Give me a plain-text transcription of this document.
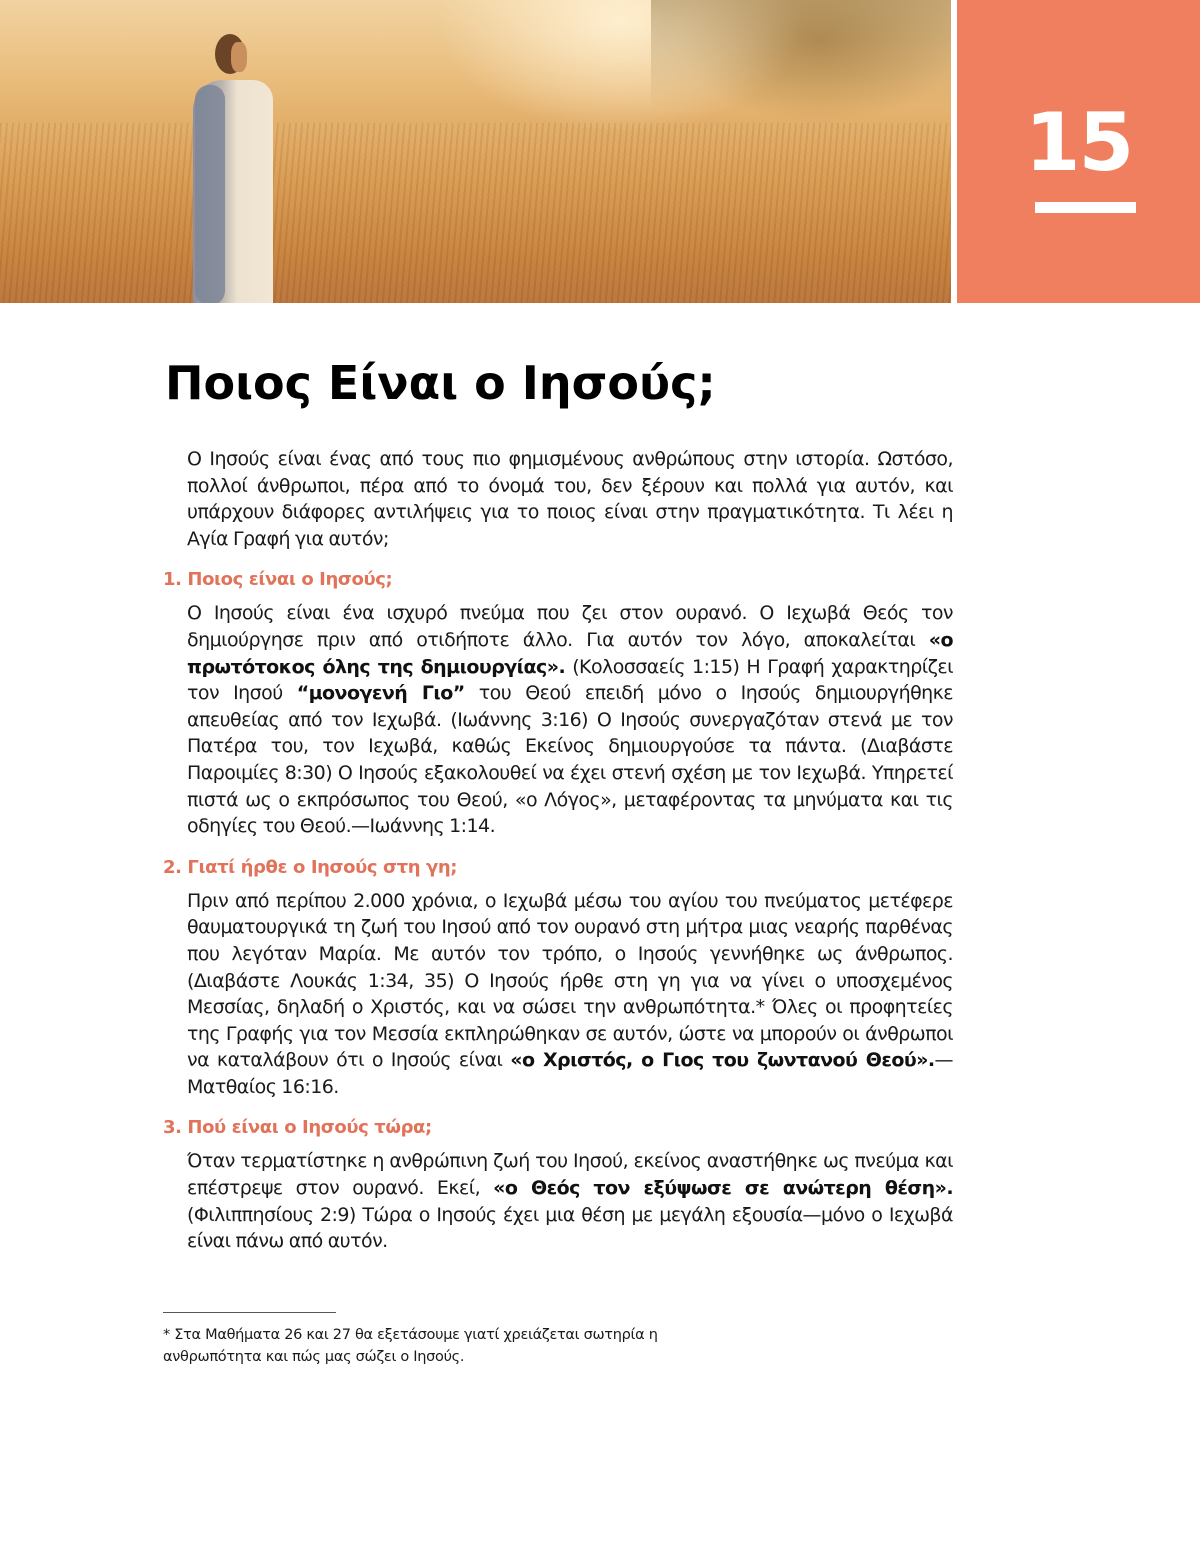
15
Ποιος Είναι ο Ιησούς;

Ο Ιησούς είναι ένας από τους πιο φημισμένους ανθρώπους στην ιστορία. Ωστόσο, πολλοί άνθρωποι, πέρα από το όνομά του, δεν ξέρουν και πολλά για αυτόν, και υπάρχουν διάφορες αντιλήψεις για το ποιος είναι στην πραγματικότητα. Τι λέει η Αγία Γραφή για αυτόν;

1. Ποιος είναι ο Ιησούς;

Ο Ιησούς είναι ένα ισχυρό πνεύμα που ζει στον ουρανό. Ο Ιεχωβά Θεός τον δημιούργησε πριν από οτιδήποτε άλλο. Για αυτόν τον λόγο, αποκαλείται «ο πρωτότοκος όλης της δημιουργίας». (Κολοσσαείς 1:15) Η Γραφή χαρακτηρίζει τον Ιησού “μονογενή Γιο” του Θεού επειδή μόνο ο Ιησούς δημιουργήθηκε απευθείας από τον Ιεχωβά. (Ιωάννης 3:16) Ο Ιησούς συνεργαζόταν στενά με τον Πατέρα του, τον Ιεχωβά, καθώς Εκείνος δημιουργούσε τα πάντα. (Διαβάστε Παροιμίες 8:30) Ο Ιησούς εξακολουθεί να έχει στενή σχέση με τον Ιεχωβά. Υπηρετεί πιστά ως ο εκπρόσωπος του Θεού, «ο Λόγος», μεταφέροντας τα μηνύματα και τις οδηγίες του Θεού.—Ιωάννης 1:14.

2. Γιατί ήρθε ο Ιησούς στη γη;

Πριν από περίπου 2.000 χρόνια, ο Ιεχωβά μέσω του αγίου του πνεύματος μετέφερε θαυματουργικά τη ζωή του Ιησού από τον ουρανό στη μήτρα μιας νεαρής παρθένας που λεγόταν Μαρία. Με αυτόν τον τρόπο, ο Ιησούς γεννήθηκε ως άνθρωπος. (Διαβάστε Λουκάς 1:34, 35) Ο Ιησούς ήρθε στη γη για να γίνει ο υποσχεμένος Μεσσίας, δηλαδή ο Χριστός, και να σώσει την ανθρωπότητα.* Όλες οι προφητείες της Γραφής για τον Μεσσία εκπληρώθηκαν σε αυτόν, ώστε να μπορούν οι άνθρωποι να καταλάβουν ότι ο Ιησούς είναι «ο Χριστός, ο Γιος του ζωντανού Θεού».—Ματθαίος 16:16.

3. Πού είναι ο Ιησούς τώρα;

Όταν τερματίστηκε η ανθρώπινη ζωή του Ιησού, εκείνος αναστήθηκε ως πνεύμα και επέστρεψε στον ουρανό. Εκεί, «ο Θεός τον εξύψωσε σε ανώτερη θέση». (Φιλιππησίους 2:9) Τώρα ο Ιησούς έχει μια θέση με μεγάλη εξουσία—μόνο ο Ιεχωβά είναι πάνω από αυτόν.

* Στα Μαθήματα 26 και 27 θα εξετάσουμε γιατί χρειάζεται σωτηρία η ανθρωπότητα και πώς μας σώζει ο Ιησούς.
